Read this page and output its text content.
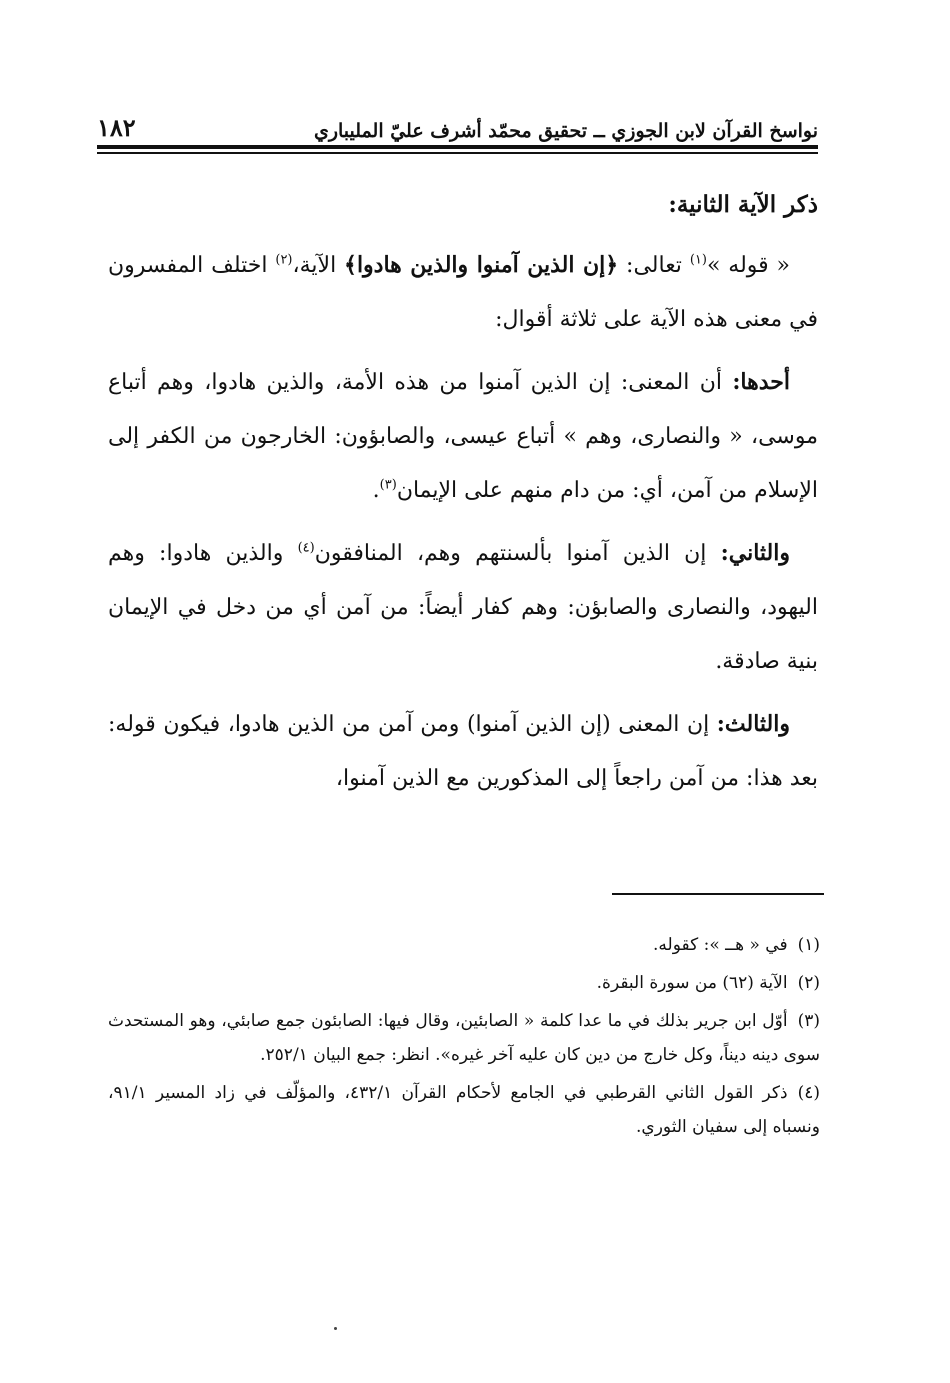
نواسخ القرآن لابن الجوزي ــ تحقيق محمّد أشرف عليّ المليباري
١٨٢

ذكر الآية الثانية:

« قوله »$^{(١)}$ تعالى: ﴿إن الذين آمنوا والذين هادوا﴾ الآية،$^{(٢)}$ اختلف المفسرون في معنى هذه الآية على ثلاثة أقوال:

أحدها: أن المعنى: إن الذين آمنوا من هذه الأمة، والذين هادوا، وهم أتباع موسى، « والنصارى، وهم » أتباع عيسى، والصابؤون: الخارجون من الكفر إلى الإسلام من آمن، أي: من دام منهم على الإيمان$^{(٣)}$.

والثاني: إن الذين آمنوا بألسنتهم وهم، المنافقون$^{(٤)}$ والذين هادوا: وهم اليهود، والنصارى والصابؤن: وهم كفار أيضاً: من آمن أي من دخل في الإيمان بنية صادقة.

والثالث: إن المعنى (إن الذين آمنوا) ومن آمن من الذين هادوا، فيكون قوله: بعد هذا: من آمن راجعاً إلى المذكورين مع الذين آمنوا،

(١)في « هــ »: كقوله.

(٢)الآية (٦٢) من سورة البقرة.

(٣)أوّل ابن جرير بذلك في ما عدا كلمة « الصابئين، وقال فيها: الصابئون جمع صابئي، وهو المستحدث سوى دينه ديناً، وكل خارج من دين كان عليه آخر غيره». انظر: جمع البيان ٢٥٢/١.

(٤)ذكر القول الثاني القرطبي في الجامع لأحكام القرآن ٤٣٢/١، والمؤلّف في زاد المسير ٩١/١، ونسباه إلى سفيان الثوري.
